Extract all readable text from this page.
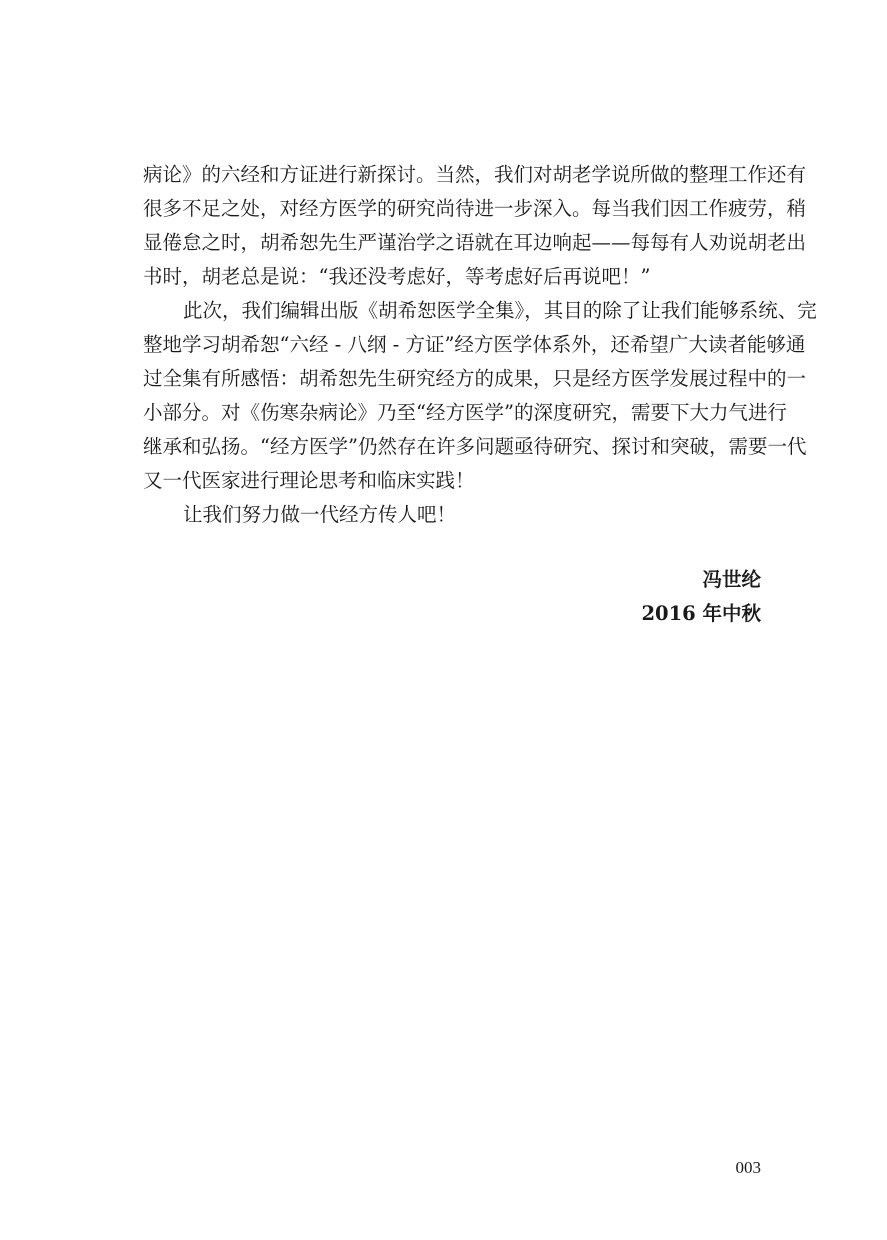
病论》的六经和方证进行新探讨。当然，我们对胡老学说所做的整理工作还有
很多不足之处，对经方医学的研究尚待进一步深入。每当我们因工作疲劳，稍
显倦怠之时，胡希恕先生严谨治学之语就在耳边响起——每每有人劝说胡老出
书时，胡老总是说：“我还没考虑好，等考虑好后再说吧！”
此次，我们编辑出版《胡希恕医学全集》，其目的除了让我们能够系统、完
整地学习胡希恕“六经 - 八纲 - 方证”经方医学体系外，还希望广大读者能够通
过全集有所感悟：胡希恕先生研究经方的成果，只是经方医学发展过程中的一
小部分。对《伤寒杂病论》乃至“经方医学”的深度研究，需要下大力气进行
继承和弘扬。“经方医学”仍然存在许多问题亟待研究、探讨和突破，需要一代
又一代医家进行理论思考和临床实践！
让我们努力做一代经方传人吧！
冯世纶
2016 年中秋
003
